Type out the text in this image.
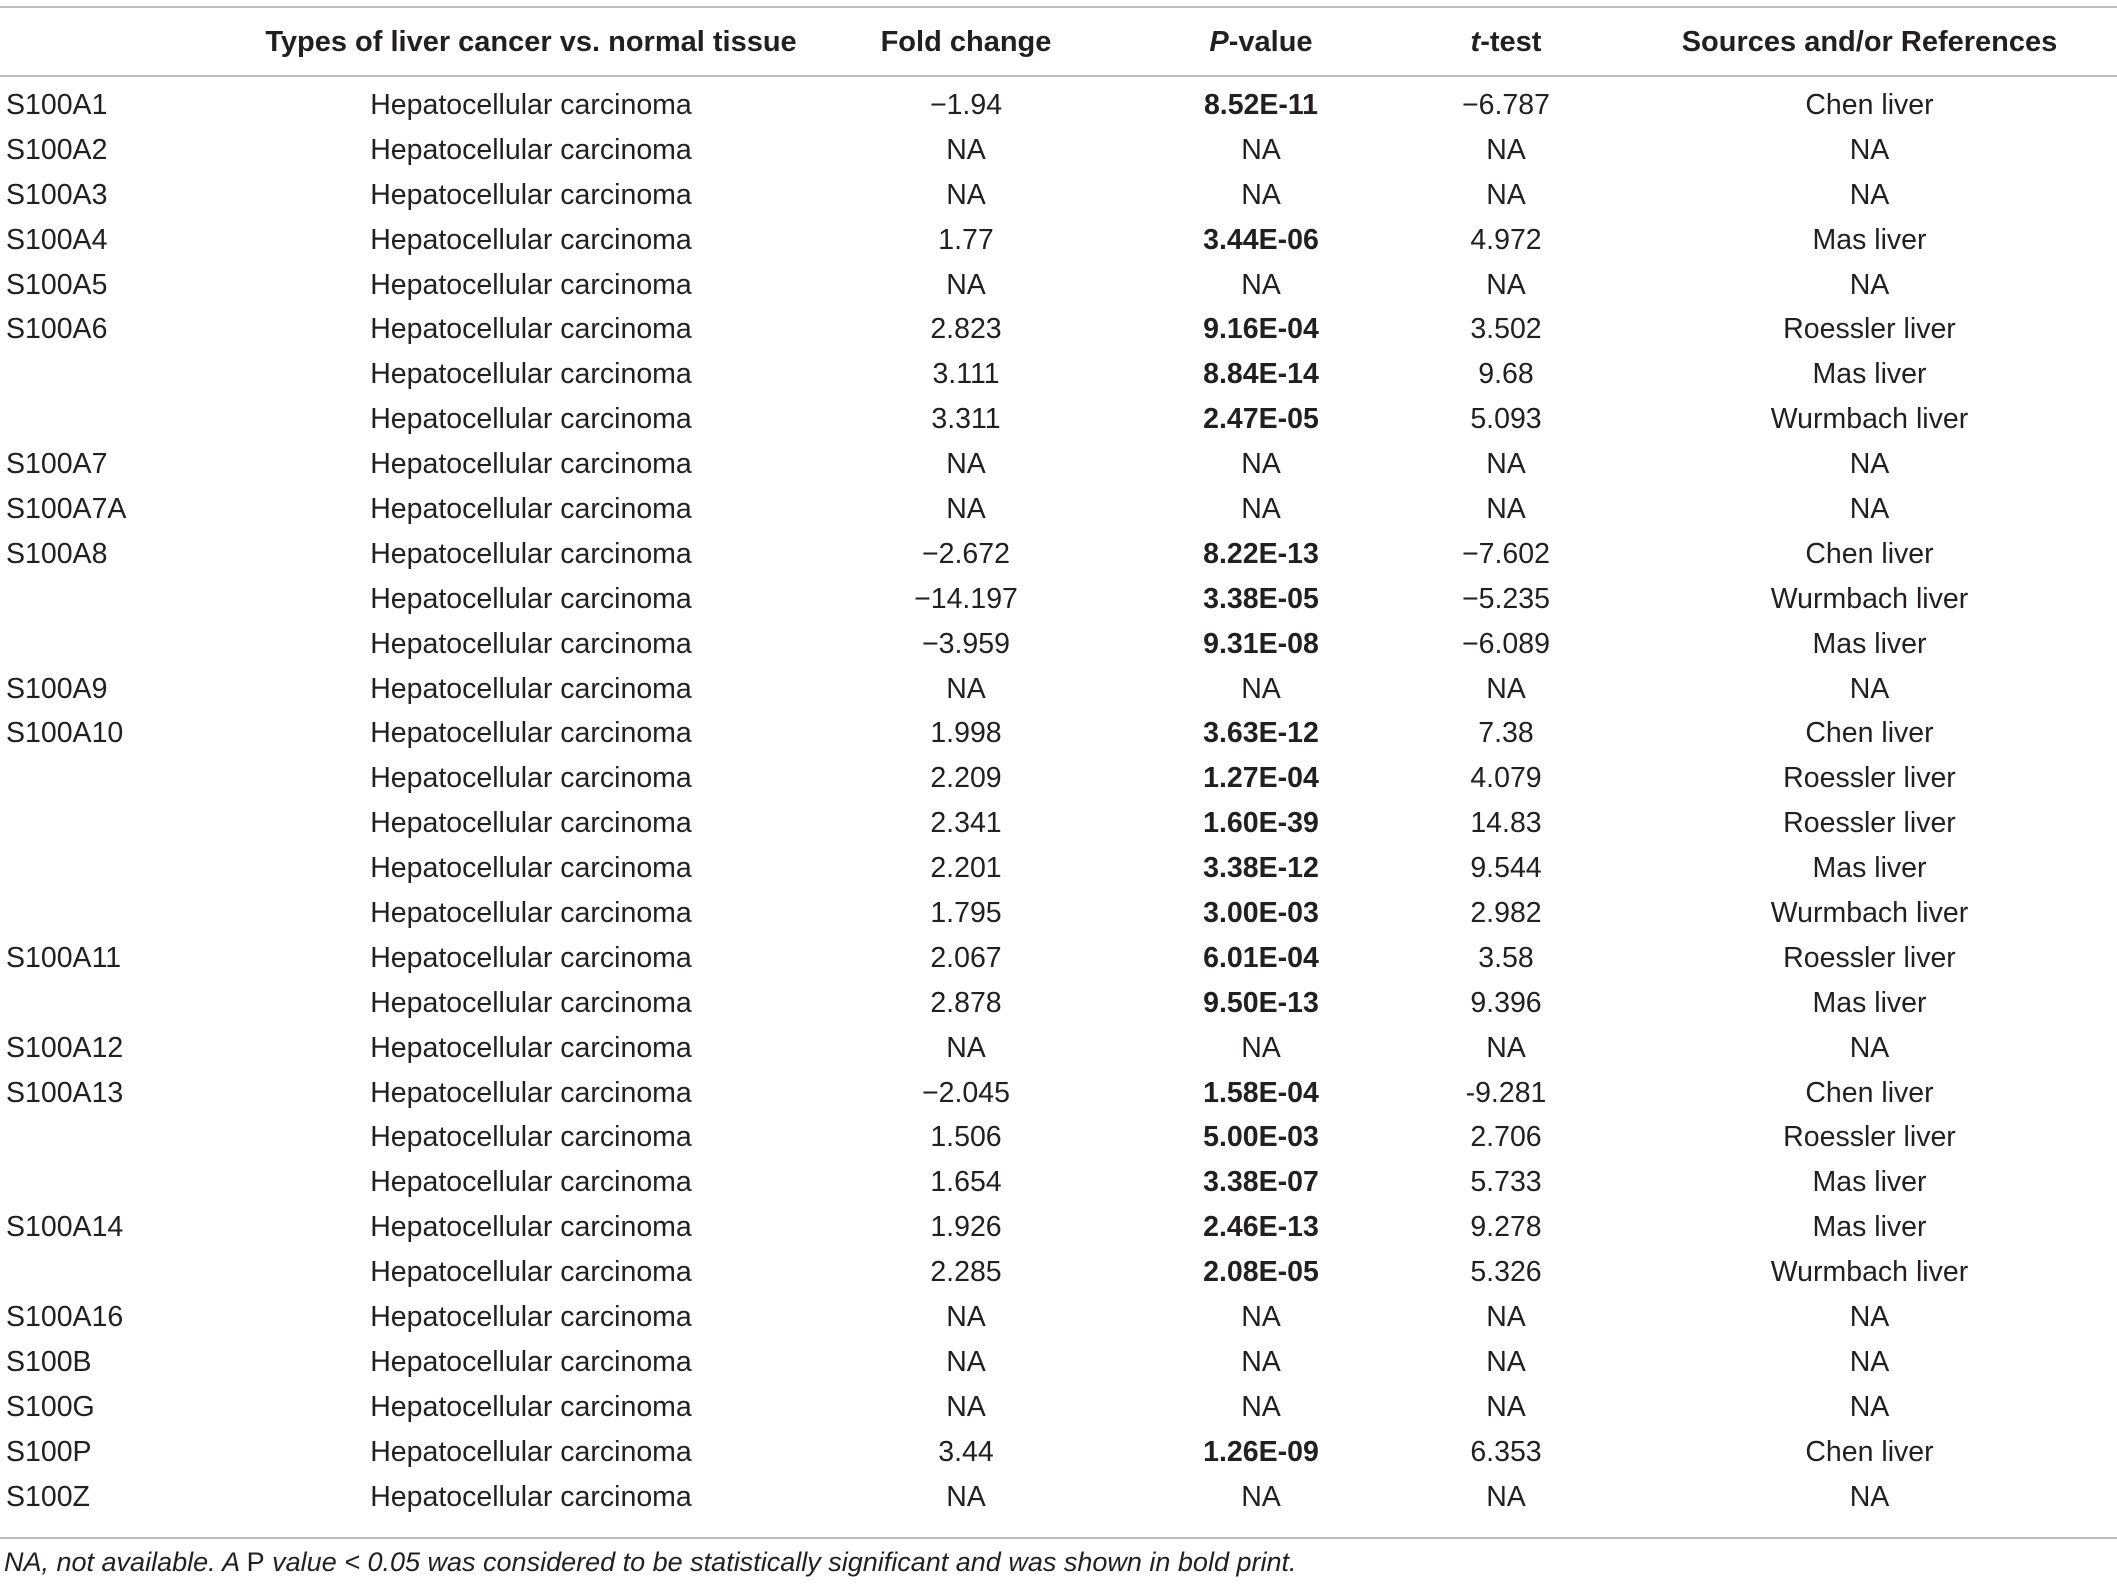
	Types of liver cancer vs. normal tissue	Fold change	P-value	t-test	Sources and/or References
S100A1	Hepatocellular carcinoma	−1.94	8.52E-11	−6.787	Chen liver
S100A2	Hepatocellular carcinoma	NA	NA	NA	NA
S100A3	Hepatocellular carcinoma	NA	NA	NA	NA
S100A4	Hepatocellular carcinoma	1.77	3.44E-06	4.972	Mas liver
S100A5	Hepatocellular carcinoma	NA	NA	NA	NA
S100A6	Hepatocellular carcinoma	2.823	9.16E-04	3.502	Roessler liver
	Hepatocellular carcinoma	3.111	8.84E-14	9.68	Mas liver
	Hepatocellular carcinoma	3.311	2.47E-05	5.093	Wurmbach liver
S100A7	Hepatocellular carcinoma	NA	NA	NA	NA
S100A7A	Hepatocellular carcinoma	NA	NA	NA	NA
S100A8	Hepatocellular carcinoma	−2.672	8.22E-13	−7.602	Chen liver
	Hepatocellular carcinoma	−14.197	3.38E-05	−5.235	Wurmbach liver
	Hepatocellular carcinoma	−3.959	9.31E-08	−6.089	Mas liver
S100A9	Hepatocellular carcinoma	NA	NA	NA	NA
S100A10	Hepatocellular carcinoma	1.998	3.63E-12	7.38	Chen liver
	Hepatocellular carcinoma	2.209	1.27E-04	4.079	Roessler liver
	Hepatocellular carcinoma	2.341	1.60E-39	14.83	Roessler liver
	Hepatocellular carcinoma	2.201	3.38E-12	9.544	Mas liver
	Hepatocellular carcinoma	1.795	3.00E-03	2.982	Wurmbach liver
S100A11	Hepatocellular carcinoma	2.067	6.01E-04	3.58	Roessler liver
	Hepatocellular carcinoma	2.878	9.50E-13	9.396	Mas liver
S100A12	Hepatocellular carcinoma	NA	NA	NA	NA
S100A13	Hepatocellular carcinoma	−2.045	1.58E-04	-9.281	Chen liver
	Hepatocellular carcinoma	1.506	5.00E-03	2.706	Roessler liver
	Hepatocellular carcinoma	1.654	3.38E-07	5.733	Mas liver
S100A14	Hepatocellular carcinoma	1.926	2.46E-13	9.278	Mas liver
	Hepatocellular carcinoma	2.285	2.08E-05	5.326	Wurmbach liver
S100A16	Hepatocellular carcinoma	NA	NA	NA	NA
S100B	Hepatocellular carcinoma	NA	NA	NA	NA
S100G	Hepatocellular carcinoma	NA	NA	NA	NA
S100P	Hepatocellular carcinoma	3.44	1.26E-09	6.353	Chen liver
S100Z	Hepatocellular carcinoma	NA	NA	NA	NA
NA, not available. A P value < 0.05 was considered to be statistically significant and was shown in bold print.
